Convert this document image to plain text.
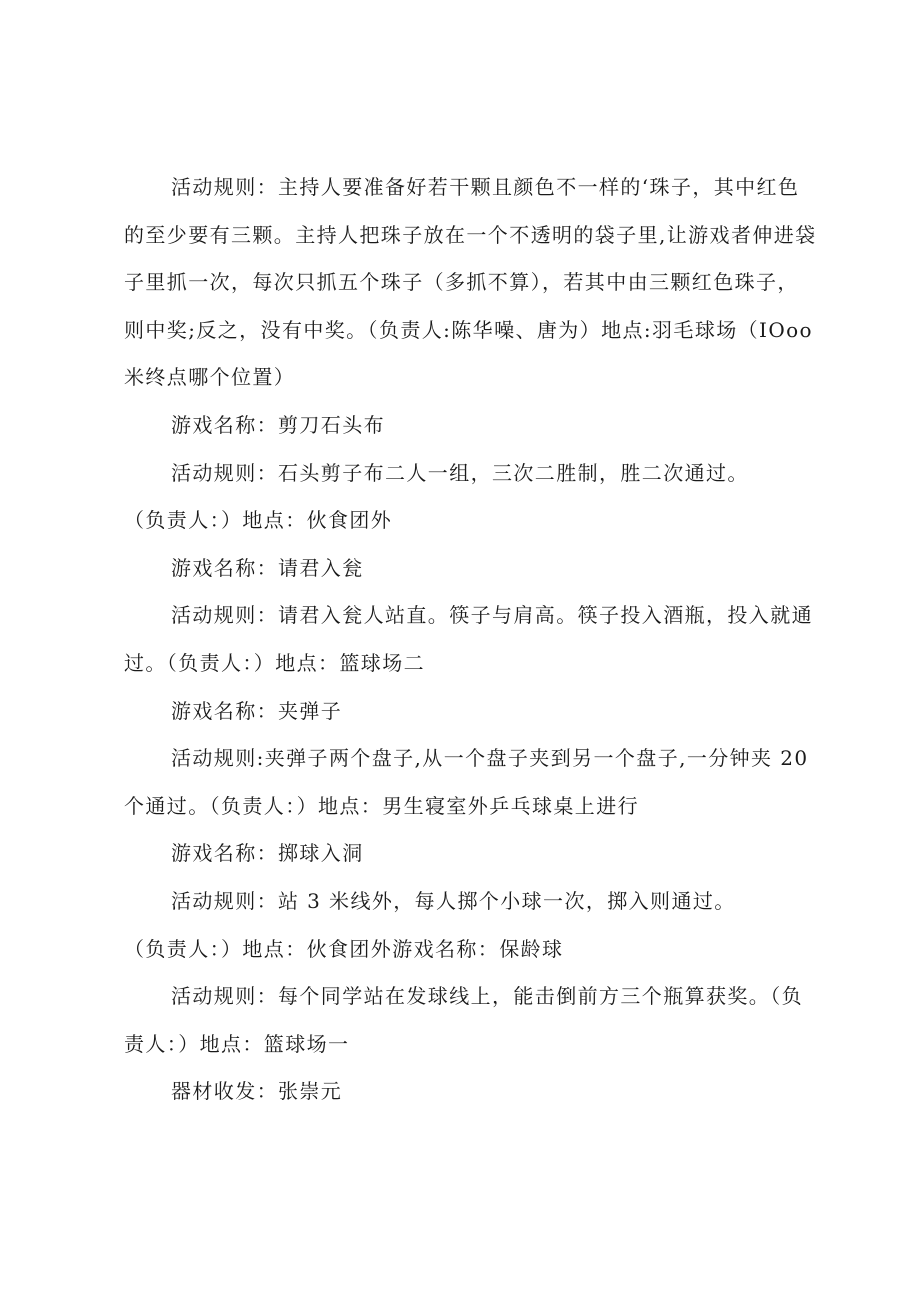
活动规则：主持人要准备好若干颗且颜色不一样的‘珠子，其中红色
的至少要有三颗。主持人把珠子放在一个不透明的袋子里,让游戏者伸进袋
子里抓一次，每次只抓五个珠子（多抓不算），若其中由三颗红色珠子，
则中奖;反之，没有中奖。（负责人:陈华噪、唐为）地点:羽毛球场（IOoo
米终点哪个位置）

游戏名称：剪刀石头布

活动规则：石头剪子布二人一组，三次二胜制，胜二次通过。

（负责人：）地点：伙食团外

游戏名称：请君入瓮

活动规则：请君入瓮人站直。筷子与肩高。筷子投入酒瓶，投入就通
过。（负责人：）地点：篮球场二

游戏名称：夹弹子

活动规则:夹弹子两个盘子,从一个盘子夹到另一个盘子,一分钟夹 20
个通过。（负责人：）地点：男生寝室外乒乓球桌上进行

游戏名称：掷球入洞

活动规则：站 3 米线外，每人掷个小球一次，掷入则通过。

（负责人：）地点：伙食团外游戏名称：保龄球

活动规则：每个同学站在发球线上，能击倒前方三个瓶算获奖。（负
责人：）地点：篮球场一

器材收发：张崇元
